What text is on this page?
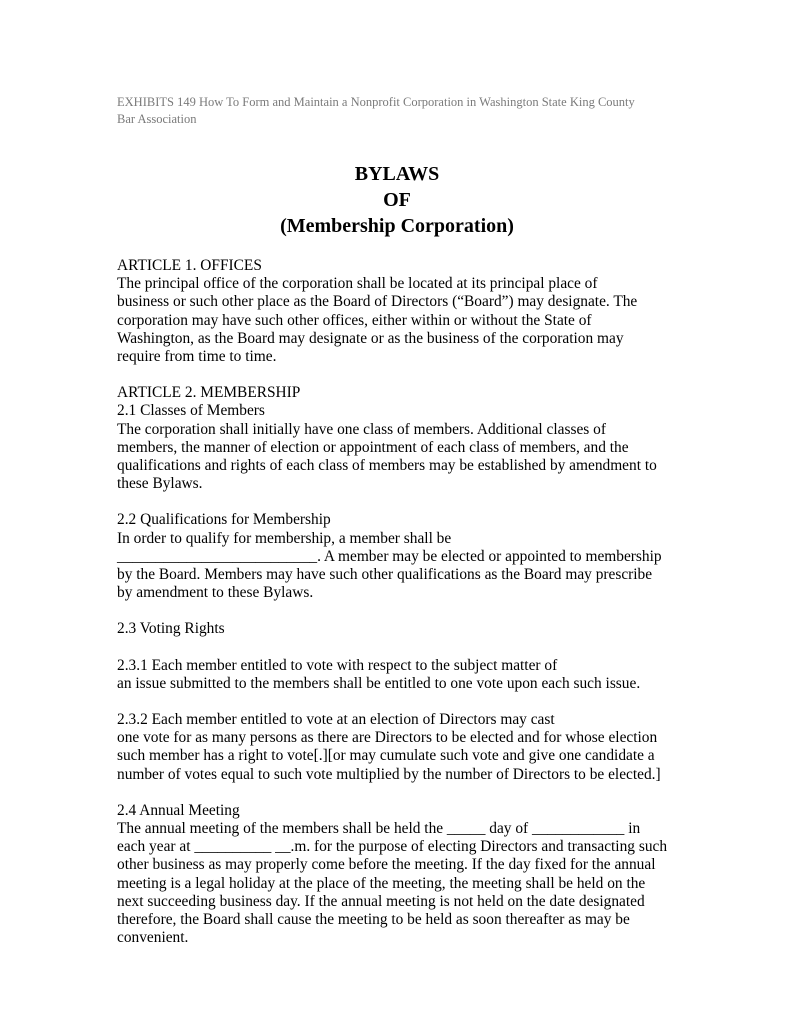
EXHIBITS 149 How To Form and Maintain a Nonprofit Corporation in Washington State King County
Bar Association
BYLAWS
OF
(Membership Corporation)

ARTICLE 1. OFFICES

The principal office of the corporation shall be located at its principal place of

business or such other place as the Board of Directors (“Board”) may designate. The

corporation may have such other offices, either within or without the State of

Washington, as the Board may designate or as the business of the corporation may

require from time to time.

ARTICLE 2. MEMBERSHIP

2.1 Classes of Members

The corporation shall initially have one class of members. Additional classes of

members, the manner of election or appointment of each class of members, and the

qualifications and rights of each class of members may be established by amendment to

these Bylaws.

2.2 Qualifications for Membership

In order to qualify for membership, a member shall be

__________________________. A member may be elected or appointed to membership

by the Board. Members may have such other qualifications as the Board may prescribe

by amendment to these Bylaws.

2.3 Voting Rights

2.3.1 Each member entitled to vote with respect to the subject matter of

an issue submitted to the members shall be entitled to one vote upon each such issue.

2.3.2 Each member entitled to vote at an election of Directors may cast

one vote for as many persons as there are Directors to be elected and for whose election

such member has a right to vote[.][or may cumulate such vote and give one candidate a

number of votes equal to such vote multiplied by the number of Directors to be elected.]

2.4 Annual Meeting

The annual meeting of the members shall be held the _____ day of ____________ in

each year at __________ __.m. for the purpose of electing Directors and transacting such

other business as may properly come before the meeting. If the day fixed for the annual

meeting is a legal holiday at the place of the meeting, the meeting shall be held on the

next succeeding business day. If the annual meeting is not held on the date designated

therefore, the Board shall cause the meeting to be held as soon thereafter as may be

convenient.
